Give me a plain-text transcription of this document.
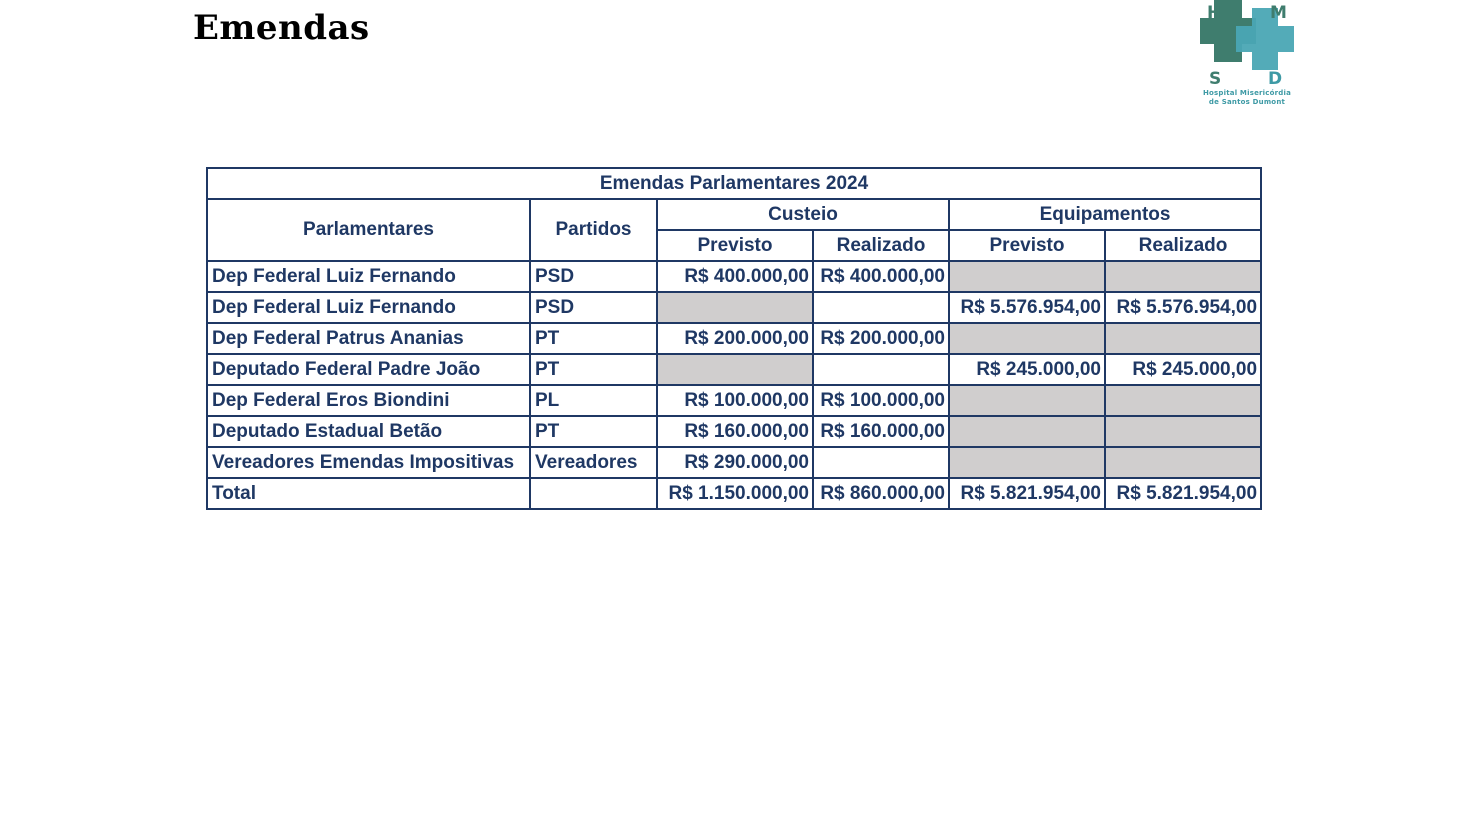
Emendas	H	M
S	D
Hospital Misericórdia
de Santos Dumont
Emendas Parlamentares 2024					
Parlamentares	Partidos	Custeio		Equipamentos	
		Previsto	Realizado	Previsto	Realizado
Dep Federal Luiz Fernando	PSD	R$ 400.000,00	R$ 400.000,00		
Dep Federal Luiz Fernando	PSD			R$ 5.576.954,00	R$ 5.576.954,00
Dep Federal Patrus Ananias	PT	R$ 200.000,00	R$ 200.000,00		
Deputado Federal Padre João	PT			R$ 245.000,00	R$ 245.000,00
Dep Federal Eros Biondini	PL	R$ 100.000,00	R$ 100.000,00		
Deputado Estadual Betão	PT	R$ 160.000,00	R$ 160.000,00		
Vereadores Emendas Impositivas	Vereadores	R$ 290.000,00			
Total		R$ 1.150.000,00	R$ 860.000,00	R$ 5.821.954,00	R$ 5.821.954,00
